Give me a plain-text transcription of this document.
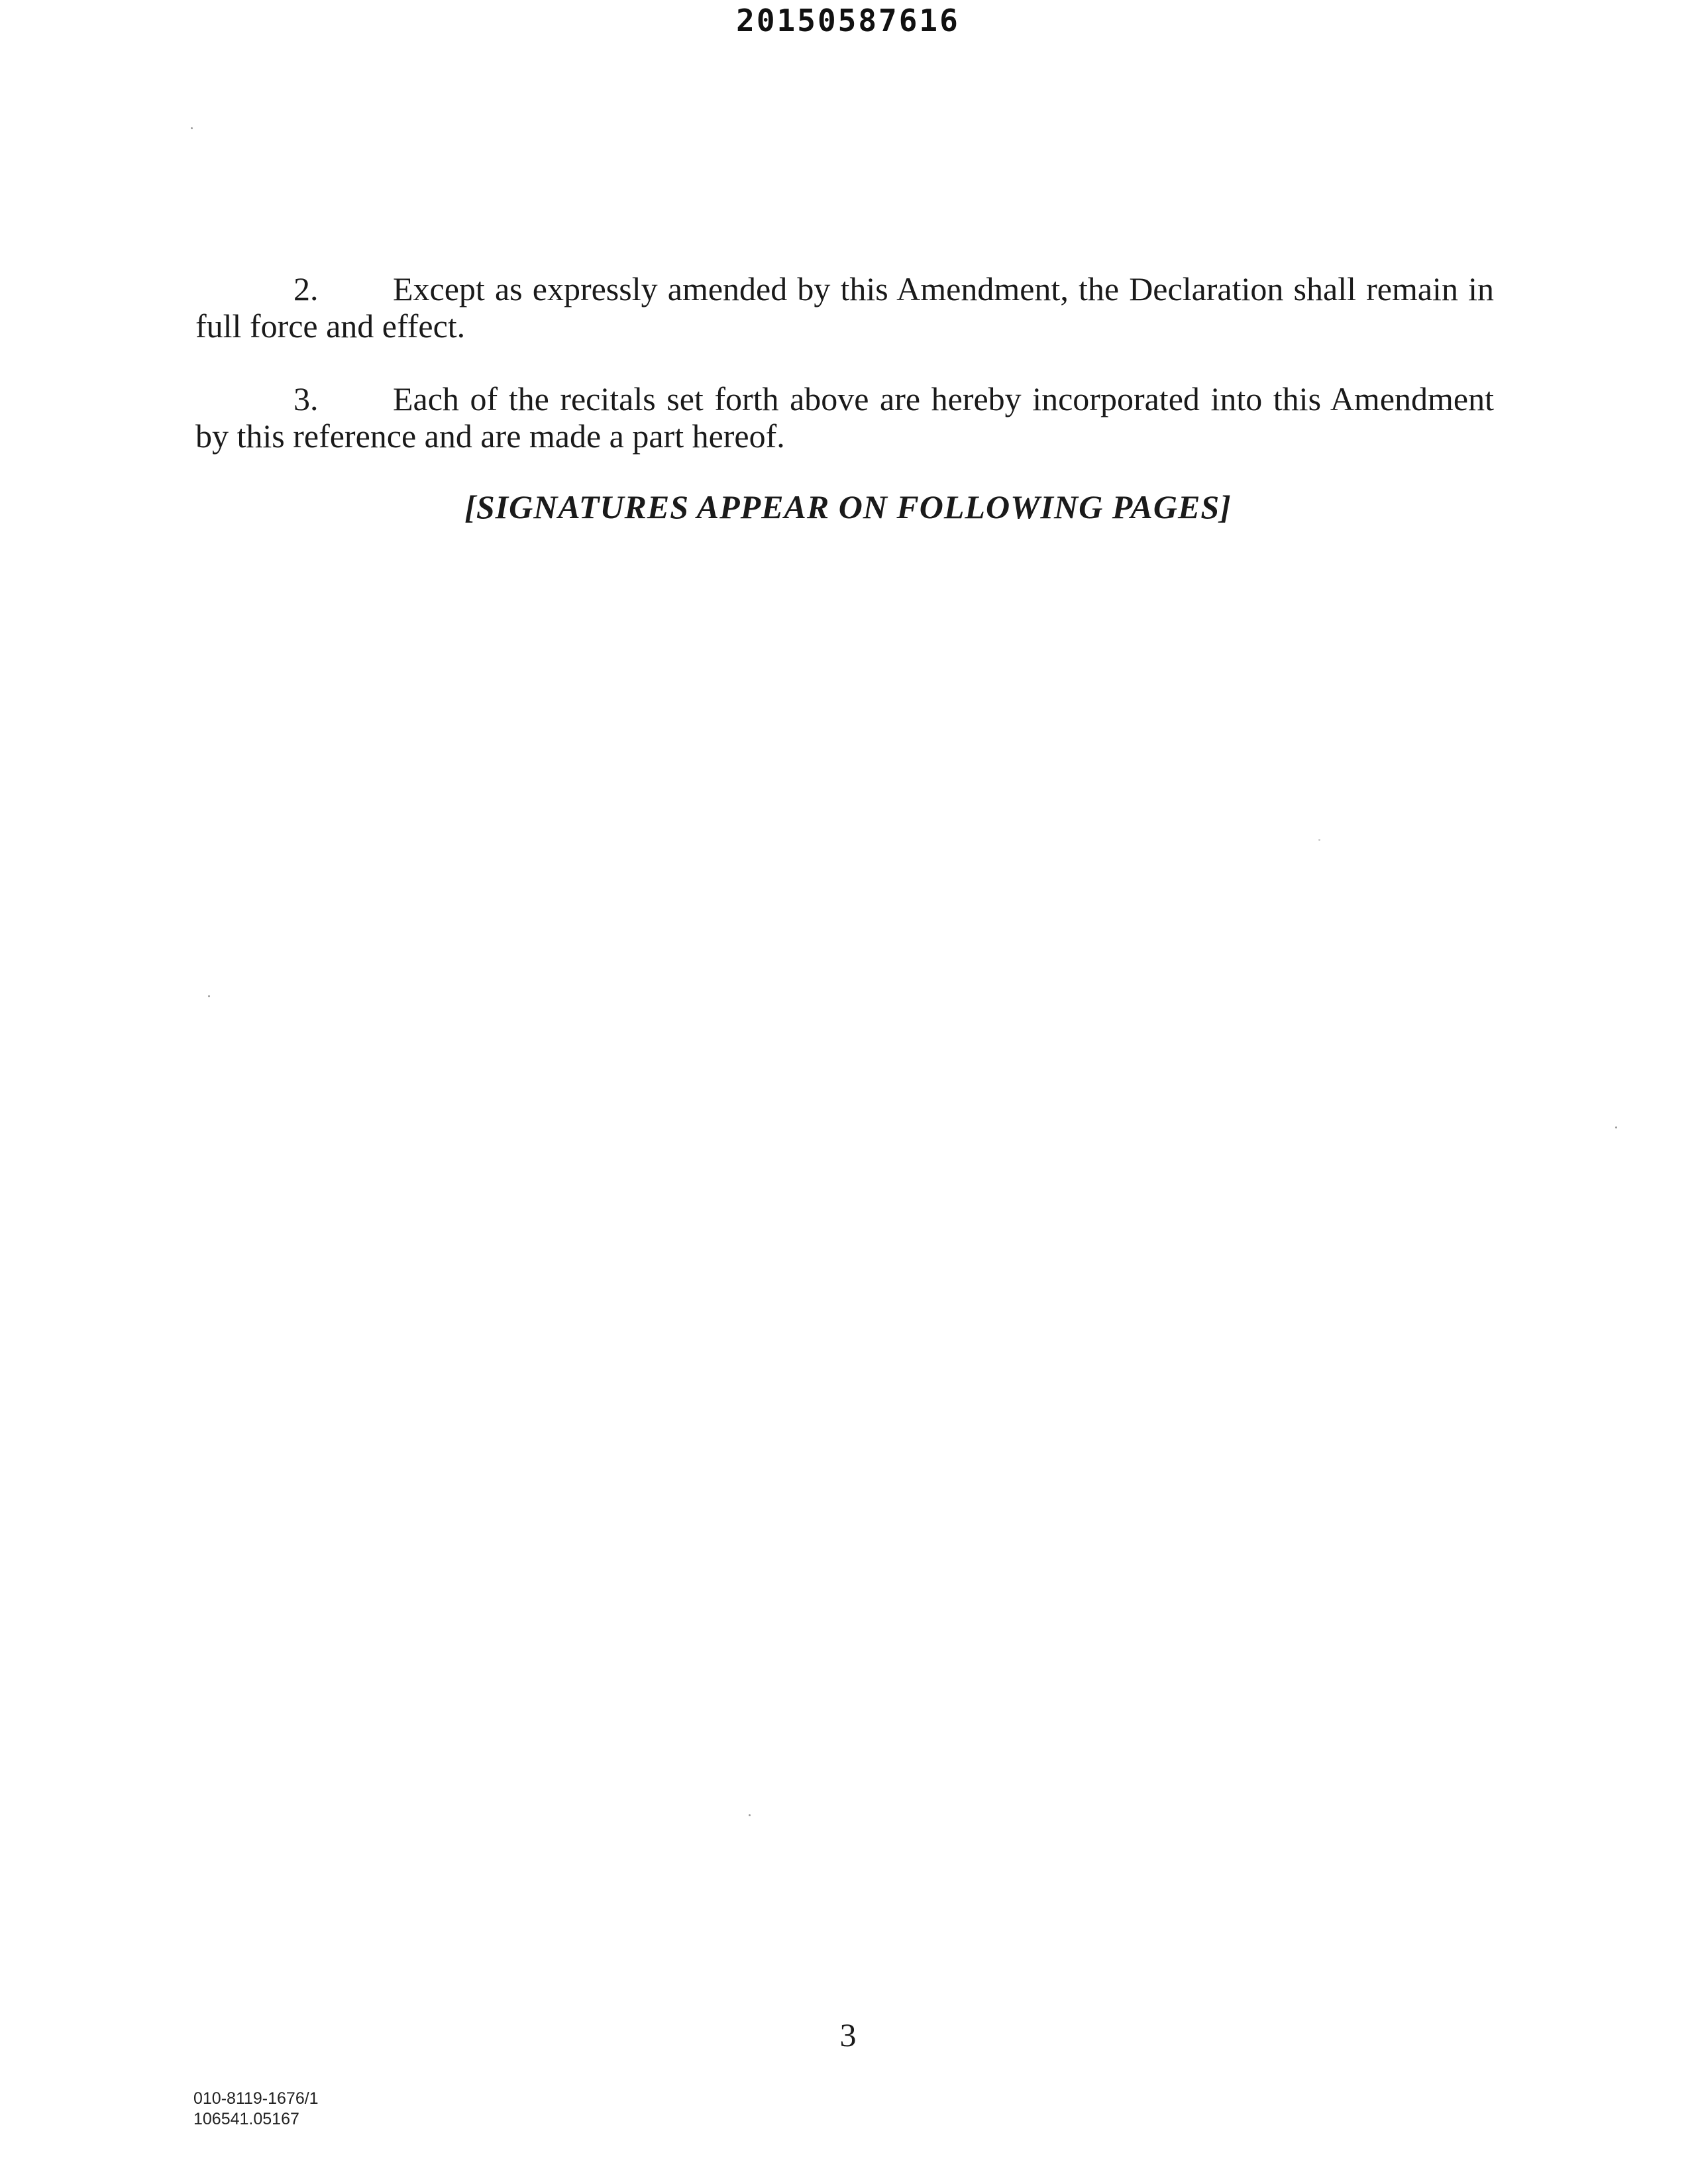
20150587616

2. Except as expressly amended by this Amendment, the Declaration shall remain in full force and effect.

3. Each of the recitals set forth above are hereby incorporated into this Amendment by this reference and are made a part hereof.

[SIGNATURES APPEAR ON FOLLOWING PAGES]
3
010-8119-1676/1
106541.05167
